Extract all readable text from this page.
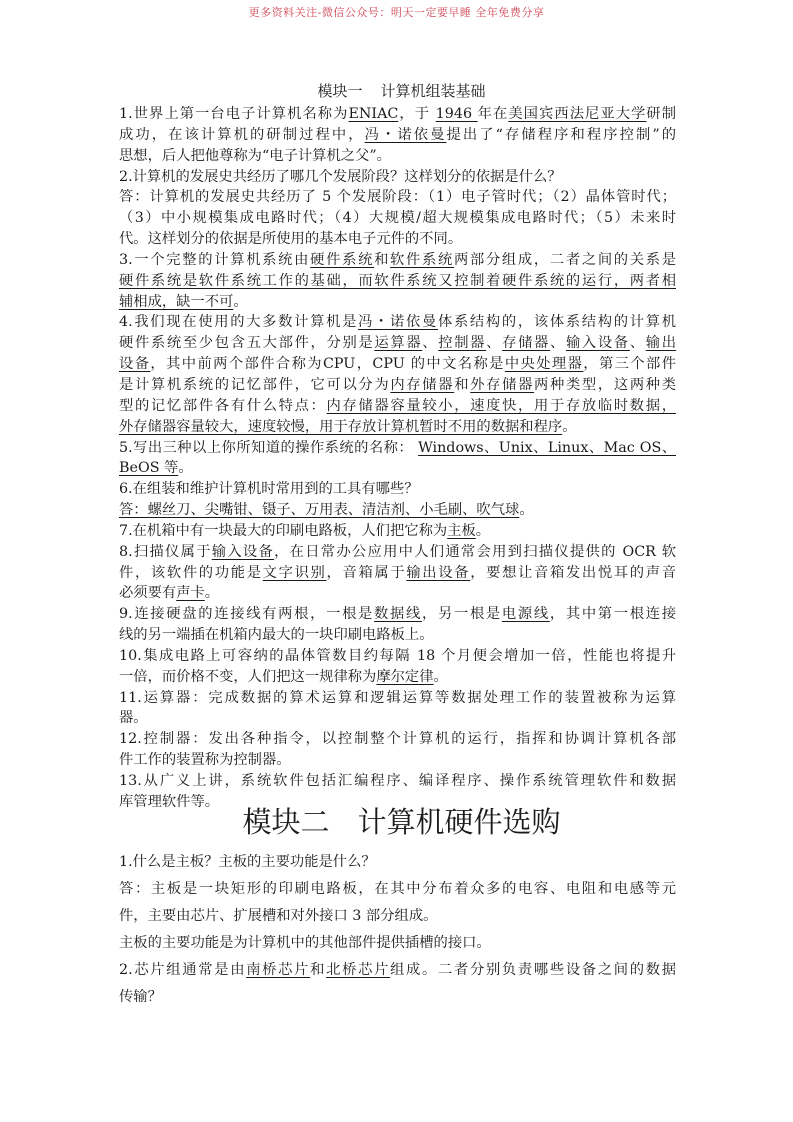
更多资料关注-微信公众号：明天一定要早睡 全年免费分享
模块一 计算机组装基础
1.世界上第一台电子计算机名称为ENIAC，于 1946 年在美国宾西法尼亚大学研制
成功，在该计算机的研制过程中，冯・诺依曼提出了“存储程序和程序控制”的
思想，后人把他尊称为“电子计算机之父”。
2.计算机的发展史共经历了哪几个发展阶段？这样划分的依据是什么？
答：计算机的发展史共经历了 5 个发展阶段：（1）电子管时代；（2）晶体管时代；
（3）中小规模集成电路时代；（4）大规模/超大规模集成电路时代；（5）未来时
代。这样划分的依据是所使用的基本电子元件的不同。
3.一个完整的计算机系统由硬件系统和软件系统两部分组成，二者之间的关系是
硬件系统是软件系统工作的基础，而软件系统又控制着硬件系统的运行，两者相
辅相成，缺一不可。
4.我们现在使用的大多数计算机是冯・诺依曼体系结构的，该体系结构的计算机
硬件系统至少包含五大部件，分别是运算器、控制器、存储器、输入设备、输出
设备，其中前两个部件合称为CPU，CPU 的中文名称是中央处理器，第三个部件
是计算机系统的记忆部件，它可以分为内存储器和外存储器两种类型，这两种类
型的记忆部件各有什么特点：内存储器容量较小，速度快，用于存放临时数据，
外存储器容量较大，速度较慢，用于存放计算机暂时不用的数据和程序。
5.写出三种以上你所知道的操作系统的名称： Windows、Unix、Linux、Mac OS、
BeOS 等。
6.在组装和维护计算机时常用到的工具有哪些？
答：螺丝刀、尖嘴钳、镊子、万用表、清洁剂、小毛刷、吹气球。
7.在机箱中有一块最大的印刷电路板，人们把它称为主板。
8.扫描仪属于输入设备，在日常办公应用中人们通常会用到扫描仪提供的 OCR 软
件，该软件的功能是文字识别，音箱属于输出设备，要想让音箱发出悦耳的声音
必须要有声卡。
9.连接硬盘的连接线有两根，一根是数据线，另一根是电源线，其中第一根连接
线的另一端插在机箱内最大的一块印刷电路板上。
10.集成电路上可容纳的晶体管数目约每隔 18 个月便会增加一倍，性能也将提升
一倍，而价格不变，人们把这一规律称为摩尔定律。
11.运算器：完成数据的算术运算和逻辑运算等数据处理工作的装置被称为运算
器。
12.控制器：发出各种指令，以控制整个计算机的运行，指挥和协调计算机各部
件工作的装置称为控制器。
13.从广义上讲，系统软件包括汇编程序、编译程序、操作系统管理软件和数据
库管理软件等。
模块二 计算机硬件选购
1.什么是主板？主板的主要功能是什么？
答：主板是一块矩形的印刷电路板，在其中分布着众多的电容、电阻和电感等元
件，主要由芯片、扩展槽和对外接口 3 部分组成。
主板的主要功能是为计算机中的其他部件提供插槽的接口。
2.芯片组通常是由南桥芯片和北桥芯片组成。二者分别负责哪些设备之间的数据
传输？
